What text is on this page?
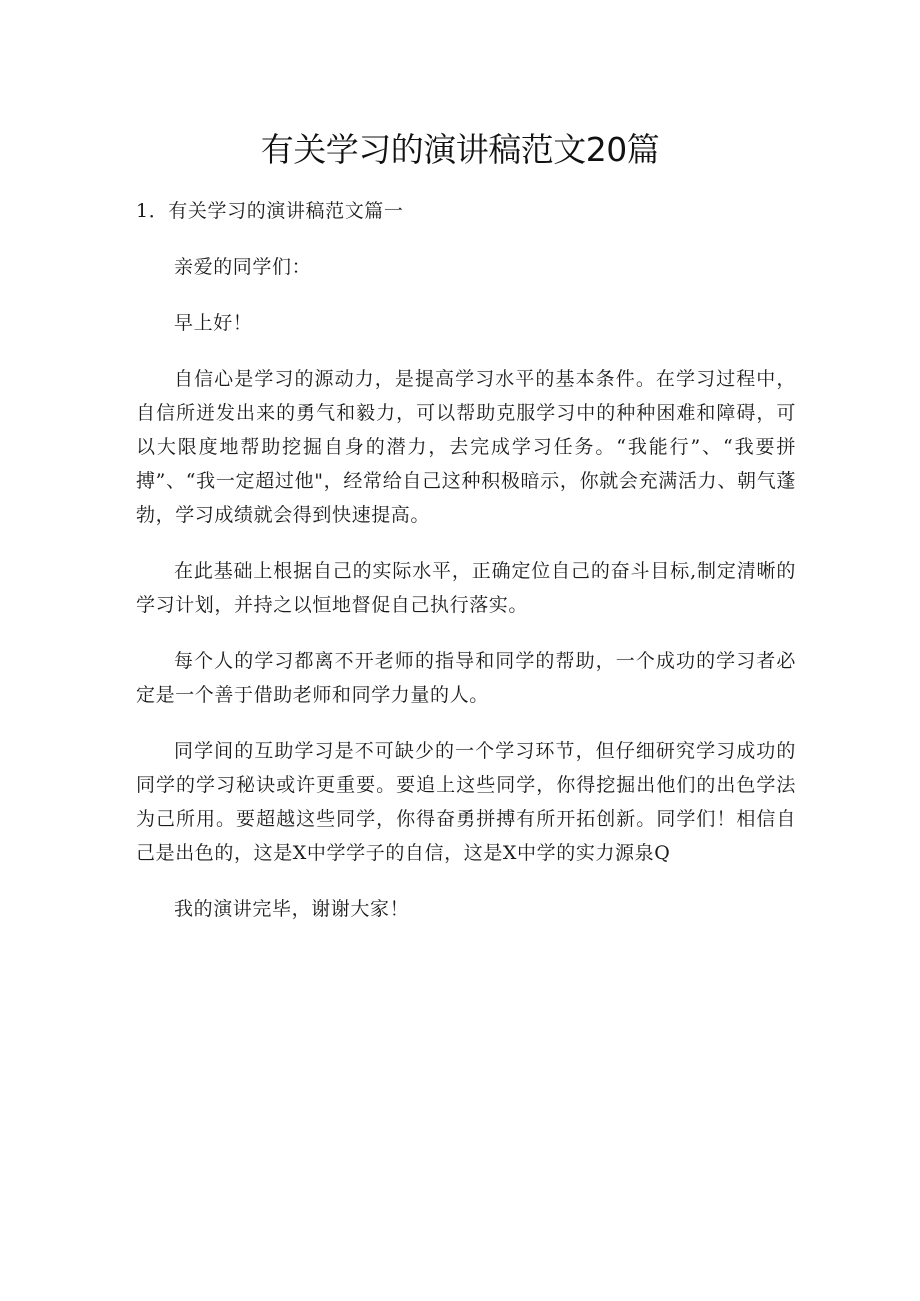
有关学习的演讲稿范文20篇

1．有关学习的演讲稿范文篇一

亲爱的同学们：

早上好！

自信心是学习的源动力，是提高学习水平的基本条件。在学习过程中，自信所迸发出来的勇气和毅力，可以帮助克服学习中的种种困难和障碍，可以大限度地帮助挖掘自身的潜力，去完成学习任务。“我能行”、“我要拼搏”、“我一定超过他"，经常给自己这种积极暗示，你就会充满活力、朝气蓬勃，学习成绩就会得到快速提高。

在此基础上根据自己的实际水平，正确定位自己的奋斗目标,制定清晰的学习计划，并持之以恒地督促自己执行落实。

每个人的学习都离不开老师的指导和同学的帮助，一个成功的学习者必定是一个善于借助老师和同学力量的人。

同学间的互助学习是不可缺少的一个学习环节，但仔细研究学习成功的同学的学习秘诀或许更重要。要追上这些同学，你得挖掘出他们的出色学法为己所用。要超越这些同学，你得奋勇拼搏有所开拓创新。同学们！相信自己是出色的，这是X中学学子的自信，这是X中学的实力源泉Q

我的演讲完毕，谢谢大家！
